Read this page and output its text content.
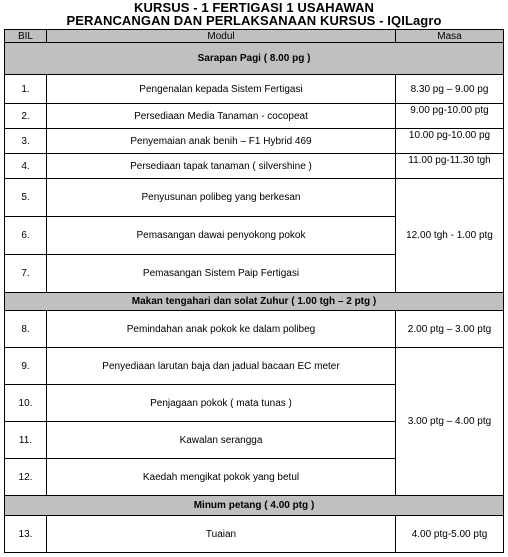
KURSUS - 1 FERTIGASI 1 USAHAWAN
PERANCANGAN DAN PERLAKSANAAN KURSUS - IQILagro
BIL	Modul	Masa
Sarapan Pagi ( 8.00 pg )		
1.	Pengenalan kepada Sistem Fertigasi	8.30 pg – 9.00 pg
2.	Persediaan Media Tanaman - cocopeat	9.00 pg-10.00 ptg

3.	Penyemaian anak benih – F1 Hybrid 469	10.00 pg-10.00 pg

4.	Persediaan tapak tanaman ( silvershine )	11.00 pg-11.30 tgh

5.	Penyusunan polibeg yang berkesan	12.00 tgh - 1.00 ptg
6.	Pemasangan dawai penyokong pokok	
7.	Pemasangan Sistem Paip Fertigasi	
Makan tengahari dan solat Zuhur ( 1.00 tgh – 2 ptg )		
8.	Pemindahan anak pokok ke dalam polibeg	2.00 ptg – 3.00 ptg
9.	Penyediaan larutan baja dan jadual bacaan EC meter	3.00 ptg – 4.00 ptg
10.	Penjagaan pokok ( mata tunas )	
11.	Kawalan serangga	
12.	Kaedah mengikat pokok yang betul	
Minum petang ( 4.00 ptg )		
13.	Tuaian	4.00 ptg-5.00 ptg
